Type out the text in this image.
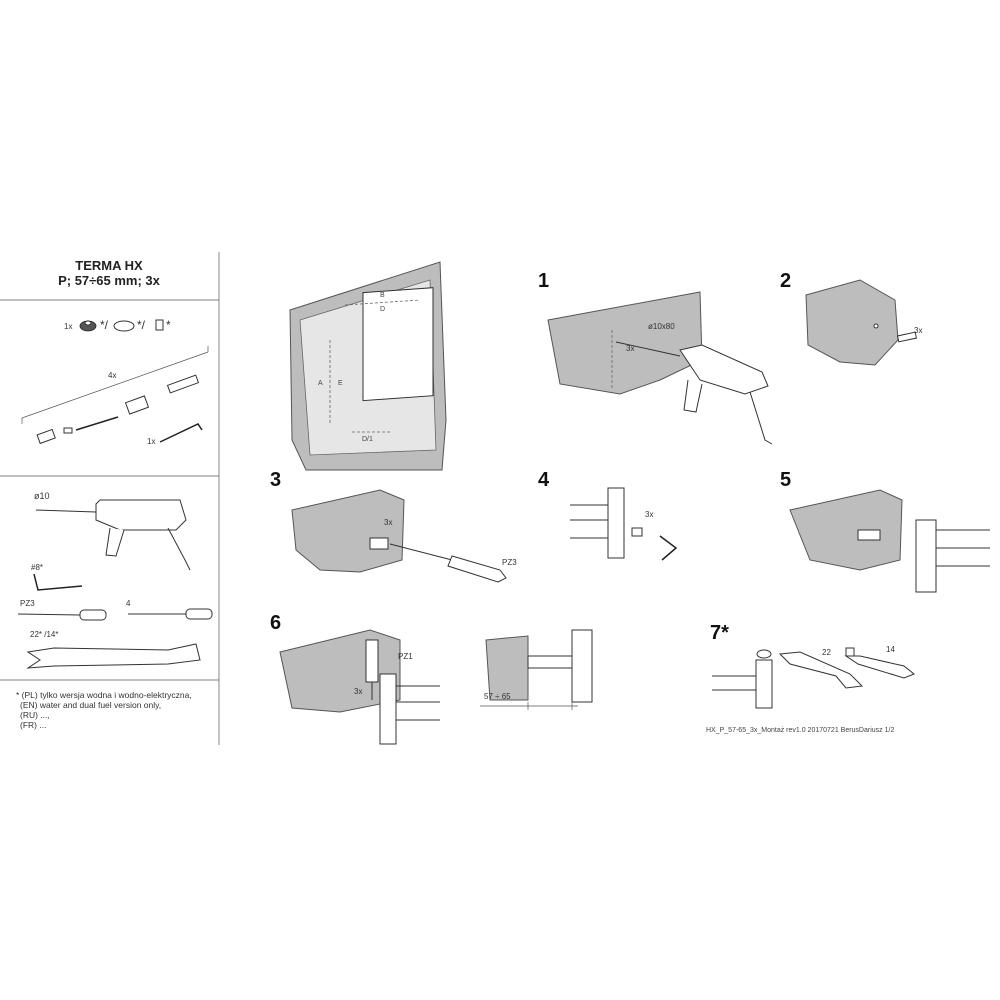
TERMA HX
P; 57÷65 mm; 3x
1x */ */ *
4x
1x
ø10
#8*
PZ3	4
22* /14*
* (PL) tylko wersja wodna i wodno-elektryczna,
(EN) water and dual fuel version only,
(RU) ...,
(FR) ...
B
D
A E
D/1
1	2
3	4	5
6	7*
ø10x80
3x
3x
3x
PZ3
3x
PZ1
3x
57 ÷ 65
22	14
HX_P_57-65_3x_Montaż rev1.0 20170721 BerusDariusz 1/2
